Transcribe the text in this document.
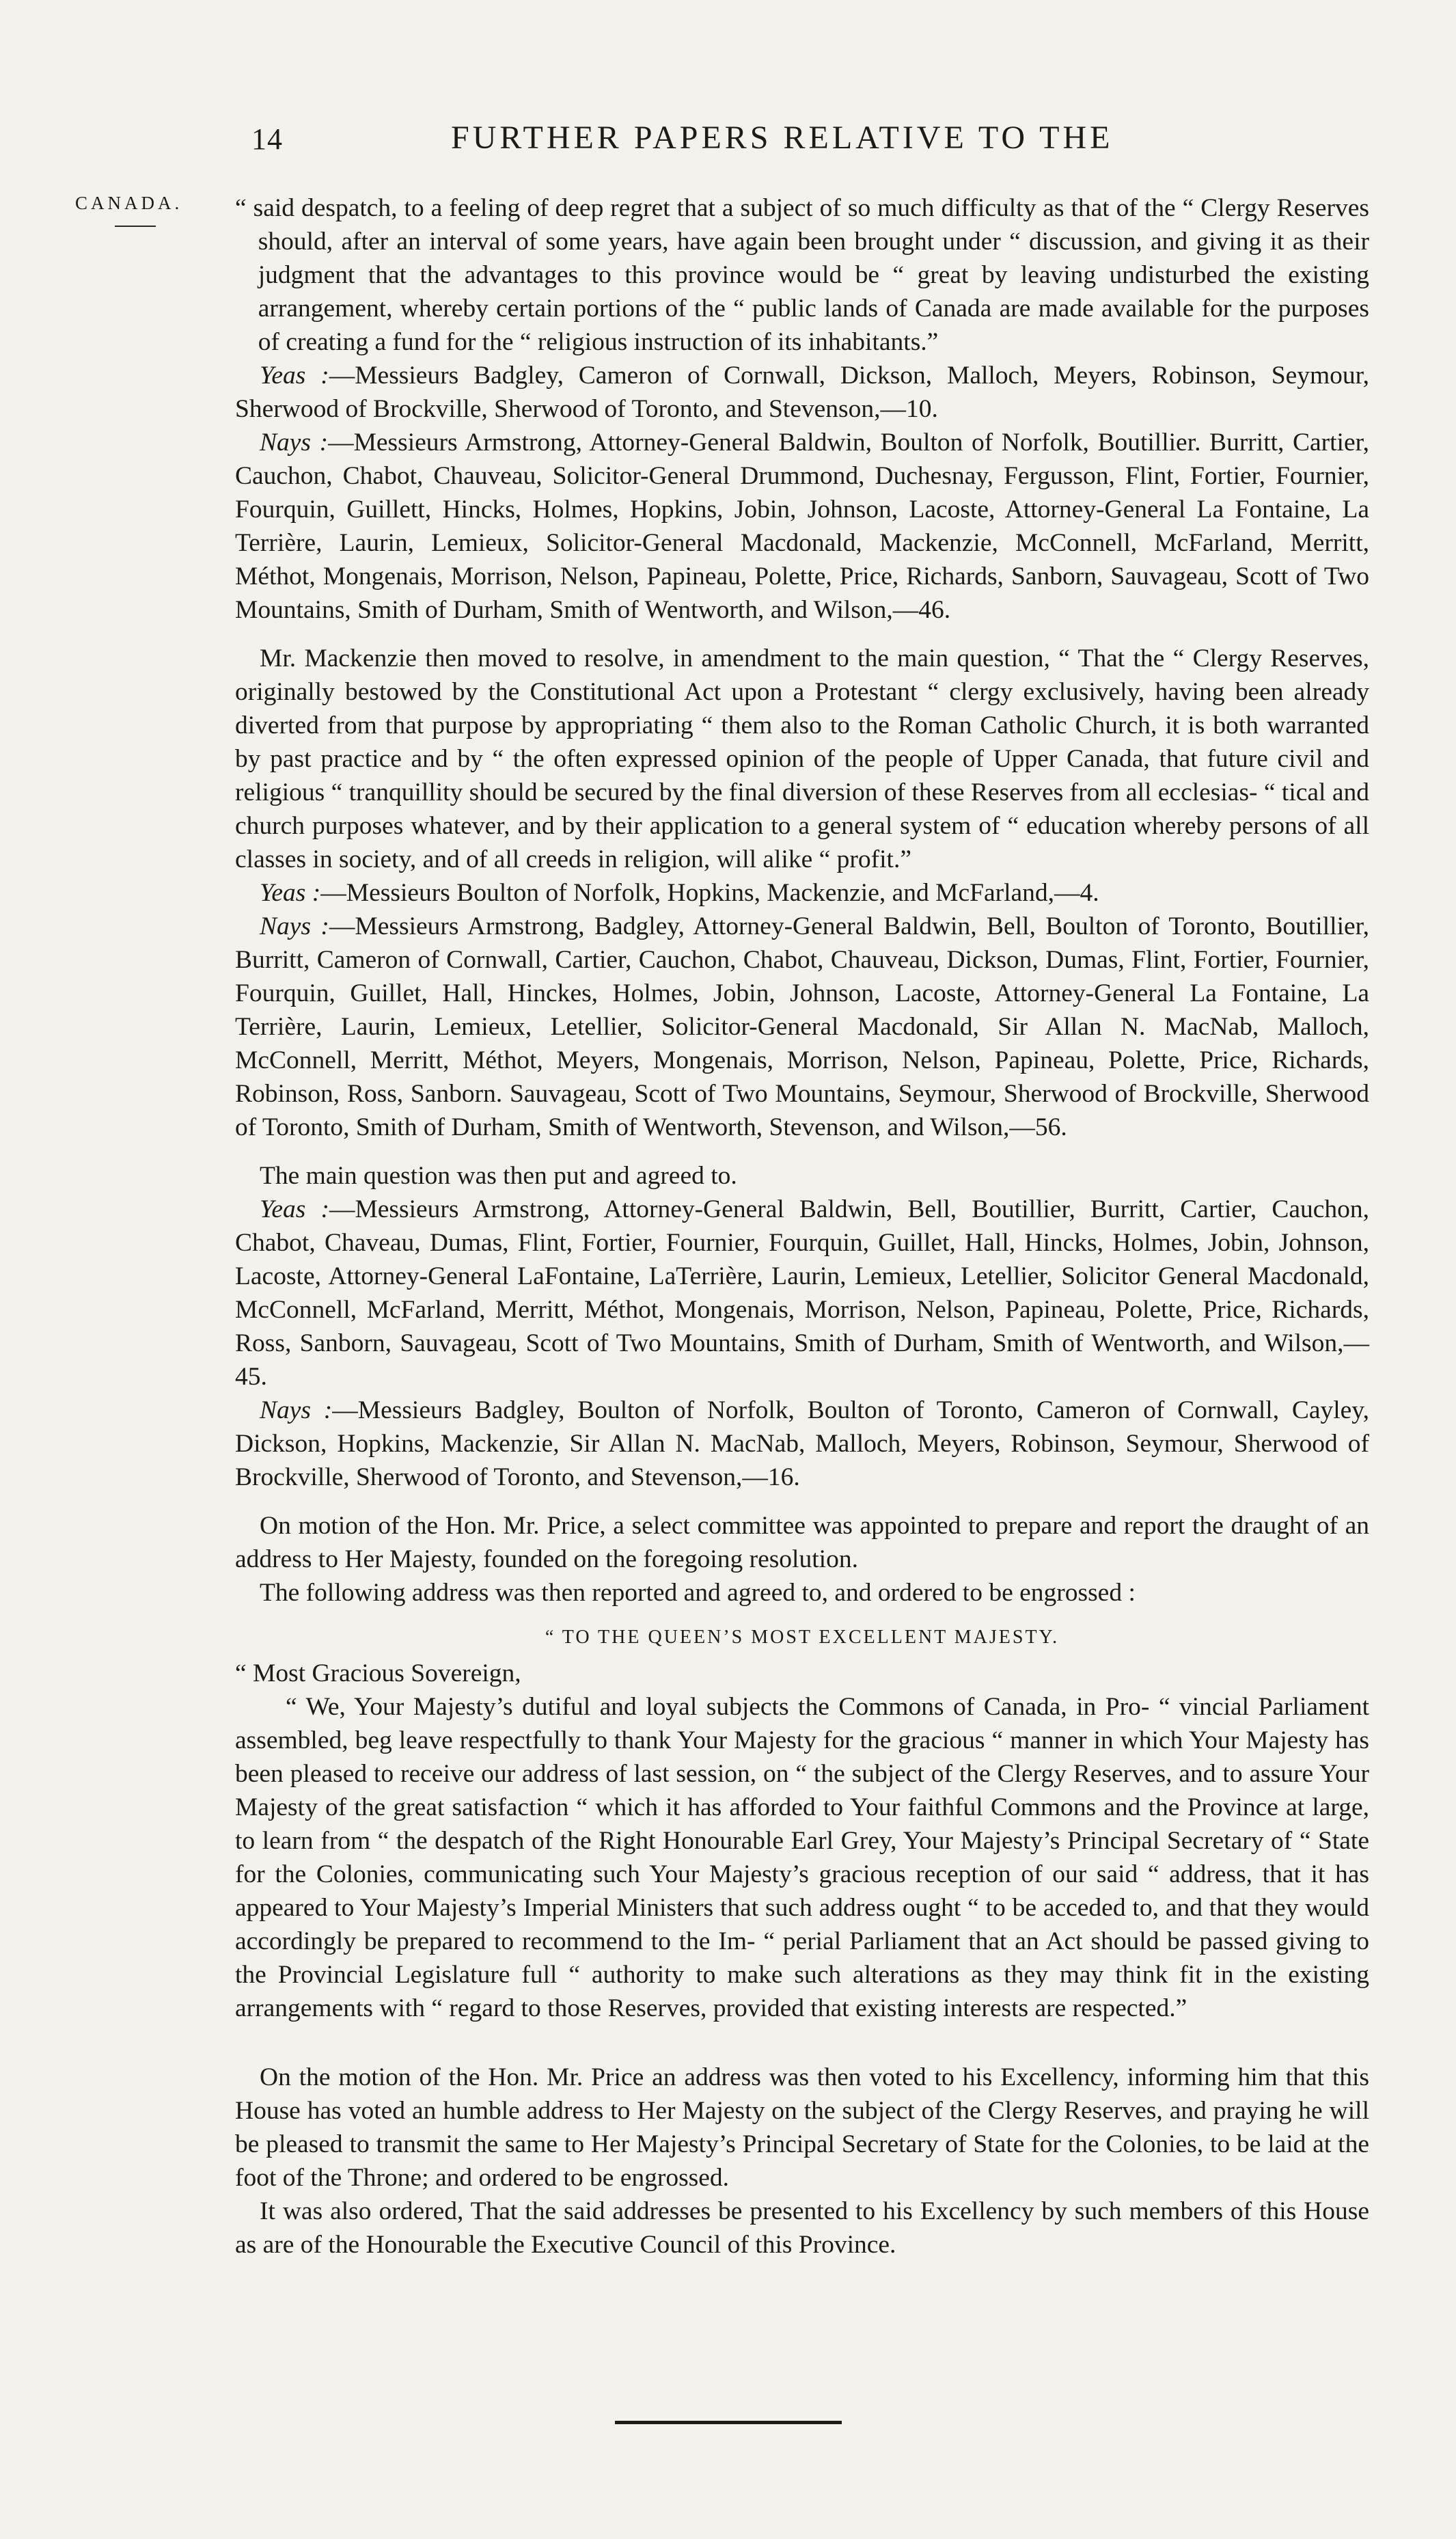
14	FURTHER PAPERS RELATIVE TO THE
CANADA. “ said despatch, to a feeling of deep regret that a subject of so much difficulty as that of the “ Clergy Reserves should, after an interval of some years, have again been brought under “ discussion, and giving it as their judgment that the advantages to this province would be “ great by leaving undisturbed the existing arrangement, whereby certain portions of the “ public lands of Canada are made available for the purposes of creating a fund for the “ religious instruction of its inhabitants.”

Yeas :—Messieurs Badgley, Cameron of Cornwall, Dickson, Malloch, Meyers, Robinson, Seymour, Sherwood of Brockville, Sherwood of Toronto, and Stevenson,—10.

Nays :—Messieurs Armstrong, Attorney-General Baldwin, Boulton of Norfolk, Boutillier. Burritt, Cartier, Cauchon, Chabot, Chauveau, Solicitor-General Drummond, Duchesnay, Fergusson, Flint, Fortier, Fournier, Fourquin, Guillett, Hincks, Holmes, Hopkins, Jobin, Johnson, Lacoste, Attorney-General La Fontaine, La Terrière, Laurin, Lemieux, Solicitor-General Macdonald, Mackenzie, McConnell, McFarland, Merritt, Méthot, Mongenais, Morrison, Nelson, Papineau, Polette, Price, Richards, Sanborn, Sauvageau, Scott of Two Mountains, Smith of Durham, Smith of Wentworth, and Wilson,—46.

Mr. Mackenzie then moved to resolve, in amendment to the main question, “ That the “ Clergy Reserves, originally bestowed by the Constitutional Act upon a Protestant “ clergy exclusively, having been already diverted from that purpose by appropriating “ them also to the Roman Catholic Church, it is both warranted by past practice and by “ the often expressed opinion of the people of Upper Canada, that future civil and religious “ tranquillity should be secured by the final diversion of these Reserves from all ecclesias- “ tical and church purposes whatever, and by their application to a general system of “ education whereby persons of all classes in society, and of all creeds in religion, will alike “ profit.”

Yeas :—Messieurs Boulton of Norfolk, Hopkins, Mackenzie, and McFarland,—4.

Nays :—Messieurs Armstrong, Badgley, Attorney-General Baldwin, Bell, Boulton of Toronto, Boutillier, Burritt, Cameron of Cornwall, Cartier, Cauchon, Chabot, Chauveau, Dickson, Dumas, Flint, Fortier, Fournier, Fourquin, Guillet, Hall, Hinckes, Holmes, Jobin, Johnson, Lacoste, Attorney-General La Fontaine, La Terrière, Laurin, Lemieux, Letellier, Solicitor-General Macdonald, Sir Allan N. MacNab, Malloch, McConnell, Merritt, Méthot, Meyers, Mongenais, Morrison, Nelson, Papineau, Polette, Price, Richards, Robinson, Ross, Sanborn. Sauvageau, Scott of Two Mountains, Seymour, Sherwood of Brockville, Sherwood of Toronto, Smith of Durham, Smith of Wentworth, Stevenson, and Wilson,—56.

The main question was then put and agreed to.

Yeas :—Messieurs Armstrong, Attorney-General Baldwin, Bell, Boutillier, Burritt, Cartier, Cauchon, Chabot, Chaveau, Dumas, Flint, Fortier, Fournier, Fourquin, Guillet, Hall, Hincks, Holmes, Jobin, Johnson, Lacoste, Attorney-General LaFontaine, LaTerrière, Laurin, Lemieux, Letellier, Solicitor General Macdonald, McConnell, McFarland, Merritt, Méthot, Mongenais, Morrison, Nelson, Papineau, Polette, Price, Richards, Ross, Sanborn, Sauvageau, Scott of Two Mountains, Smith of Durham, Smith of Wentworth, and Wilson,—45.

Nays :—Messieurs Badgley, Boulton of Norfolk, Boulton of Toronto, Cameron of Cornwall, Cayley, Dickson, Hopkins, Mackenzie, Sir Allan N. MacNab, Malloch, Meyers, Robinson, Seymour, Sherwood of Brockville, Sherwood of Toronto, and Stevenson,—16.

On motion of the Hon. Mr. Price, a select committee was appointed to prepare and report the draught of an address to Her Majesty, founded on the foregoing resolution.

The following address was then reported and agreed to, and ordered to be engrossed :

“ TO THE QUEEN’S MOST EXCELLENT MAJESTY.

“ Most Gracious Sovereign,

“ We, Your Majesty’s dutiful and loyal subjects the Commons of Canada, in Pro- “ vincial Parliament assembled, beg leave respectfully to thank Your Majesty for the gracious “ manner in which Your Majesty has been pleased to receive our address of last session, on “ the subject of the Clergy Reserves, and to assure Your Majesty of the great satisfaction “ which it has afforded to Your faithful Commons and the Province at large, to learn from “ the despatch of the Right Honourable Earl Grey, Your Majesty’s Principal Secretary of “ State for the Colonies, communicating such Your Majesty’s gracious reception of our said “ address, that it has appeared to Your Majesty’s Imperial Ministers that such address ought “ to be acceded to, and that they would accordingly be prepared to recommend to the Im- “ perial Parliament that an Act should be passed giving to the Provincial Legislature full “ authority to make such alterations as they may think fit in the existing arrangements with “ regard to those Reserves, provided that existing interests are respected.”

On the motion of the Hon. Mr. Price an address was then voted to his Excellency, informing him that this House has voted an humble address to Her Majesty on the subject of the Clergy Reserves, and praying he will be pleased to transmit the same to Her Majesty’s Principal Secretary of State for the Colonies, to be laid at the foot of the Throne; and ordered to be engrossed.

It was also ordered, That the said addresses be presented to his Excellency by such members of this House as are of the Honourable the Executive Council of this Province.
